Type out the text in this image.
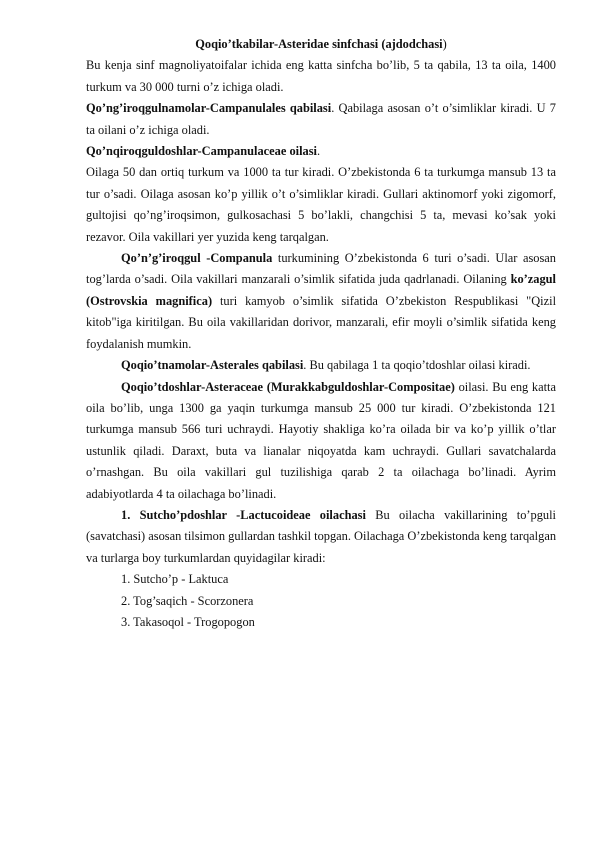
Qoqio’tkabilar-Asteridae sinfchasi (ajdodchasi)

Bu kenja sinf magnoliyatoifalar ichida eng katta sinfcha bo’lib, 5 ta qabila, 13 ta oila, 1400 turkum va 30 000 turni o’z ichiga oladi.

Qo’ng’iroqgulnamolar-Campanulales qabilasi. Qabilaga asosan o’t o’simliklar kiradi. U 7 ta oilani o’z ichiga oladi.

Qo’nqiroqguldoshlar-Campanulaceae oilasi.

Oilaga 50 dan ortiq turkum va 1000 ta tur kiradi. O’zbekistonda 6 ta turkumga mansub 13 ta tur o’sadi. Oilaga asosan ko’p yillik o’t o’simliklar kiradi. Gullari aktinomorf yoki zigomorf, gultojisi qo’ng’iroqsimon, gulkosachasi 5 bo’lakli, changchisi 5 ta, mevasi ko’sak yoki rezavor. Oila vakillari yer yuzida keng tarqalgan.

Qo’n’g’iroqgul -Companula turkumining O’zbekistonda 6 turi o’sadi. Ular asosan tog’larda o’sadi. Oila vakillari manzarali o’simlik sifatida juda qadrlanadi. Oilaning ko’zagul (Ostrovskia magnifica) turi kamyob o’simlik sifatida O’zbekiston Respublikasi "Qizil kitob"iga kiritilgan. Bu oila vakillaridan dorivor, manzarali, efir moyli o’simlik sifatida keng foydalanish mumkin.

Qoqio’tnamolar-Asterales qabilasi. Bu qabilaga 1 ta qoqio’tdoshlar oilasi kiradi.

Qoqio’tdoshlar-Asteraceae (Murakkabguldoshlar-Compositae) oilasi. Bu eng katta oila bo’lib, unga 1300 ga yaqin turkumga mansub 25 000 tur kiradi. O’zbekistonda 121 turkumga mansub 566 turi uchraydi. Hayotiy shakliga ko’ra oilada bir va ko’p yillik o’tlar ustunlik qiladi. Daraxt, buta va lianalar niqoyatda kam uchraydi. Gullari savatchalarda o’rnashgan. Bu oila vakillari gul tuzilishiga qarab 2 ta oilachaga bo’linadi. Ayrim adabiyotlarda 4 ta oilachaga bo’linadi.

1. Sutcho’pdoshlar -Lactucoideae oilachasi Bu oilacha vakillarining to’pguli (savatchasi) asosan tilsimon gullardan tashkil topgan. Oilachaga O’zbekistonda keng tarqalgan va turlarga boy turkumlardan quyidagilar kiradi:

1. Sutcho’p - Laktuca

2. Tog’saqich - Scorzonera

3. Takasoqol - Trogopogon
